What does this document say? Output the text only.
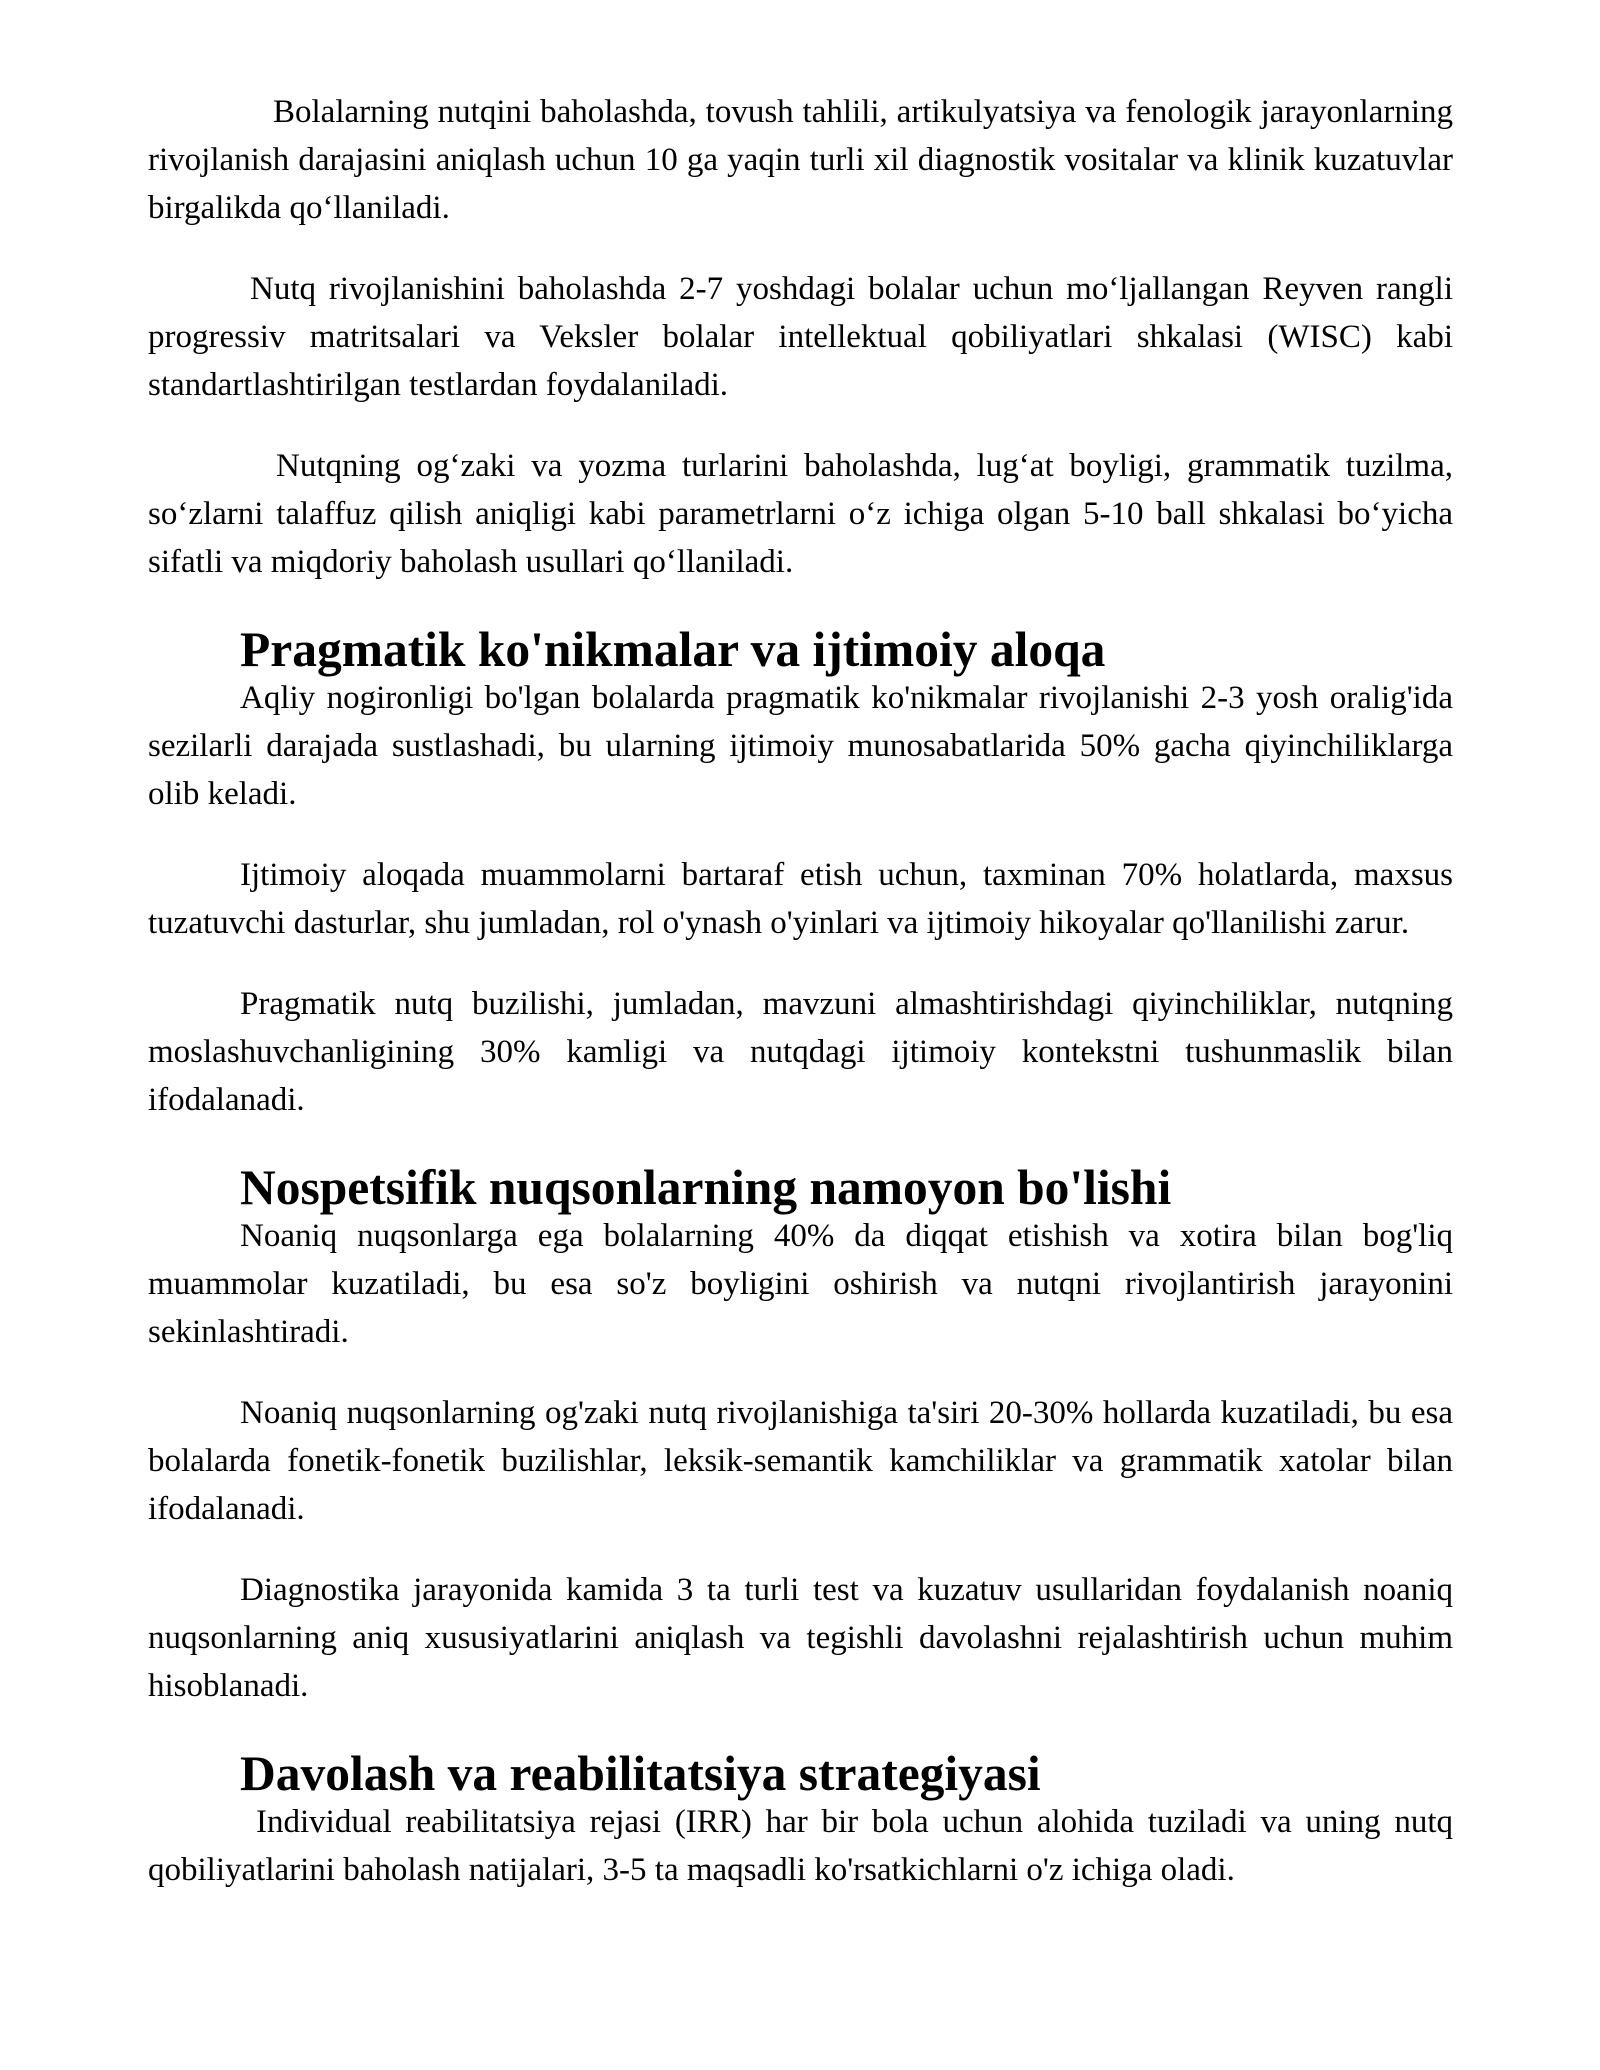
Bolalarning nutqini baholashda, tovush tahlili, artikulyatsiya va fenologik jarayonlarning rivojlanish darajasini aniqlash uchun 10 ga yaqin turli xil diagnostik vositalar va klinik kuzatuvlar birgalikda qo‘llaniladi.

Nutq rivojlanishini baholashda 2-7 yoshdagi bolalar uchun mo‘ljallangan Reyven rangli progressiv matritsalari va Veksler bolalar intellektual qobiliyatlari shkalasi (WISC) kabi standartlashtirilgan testlardan foydalaniladi.

Nutqning og‘zaki va yozma turlarini baholashda, lug‘at boyligi, grammatik tuzilma, so‘zlarni talaffuz qilish aniqligi kabi parametrlarni o‘z ichiga olgan 5-10 ball shkalasi bo‘yicha sifatli va miqdoriy baholash usullari qo‘llaniladi.

Pragmatik ko'nikmalar va ijtimoiy aloqa

Aqliy nogironligi bo'lgan bolalarda pragmatik ko'nikmalar rivojlanishi 2-3 yosh oralig'ida sezilarli darajada sustlashadi, bu ularning ijtimoiy munosabatlarida 50% gacha qiyinchiliklarga olib keladi.

Ijtimoiy aloqada muammolarni bartaraf etish uchun, taxminan 70% holatlarda, maxsus tuzatuvchi dasturlar, shu jumladan, rol o'ynash o'yinlari va ijtimoiy hikoyalar qo'llanilishi zarur.

Pragmatik nutq buzilishi, jumladan, mavzuni almashtirishdagi qiyinchiliklar, nutqning moslashuvchanligining 30% kamligi va nutqdagi ijtimoiy kontekstni tushunmaslik bilan ifodalanadi.

Nospetsifik nuqsonlarning namoyon bo'lishi

Noaniq nuqsonlarga ega bolalarning 40% da diqqat etishish va xotira bilan bog'liq muammolar kuzatiladi, bu esa so'z boyligini oshirish va nutqni rivojlantirish jarayonini sekinlashtiradi.

Noaniq nuqsonlarning og'zaki nutq rivojlanishiga ta'siri 20-30% hollarda kuzatiladi, bu esa bolalarda fonetik-fonetik buzilishlar, leksik-semantik kamchiliklar va grammatik xatolar bilan ifodalanadi.

Diagnostika jarayonida kamida 3 ta turli test va kuzatuv usullaridan foydalanish noaniq nuqsonlarning aniq xususiyatlarini aniqlash va tegishli davolashni rejalashtirish uchun muhim hisoblanadi.

Davolash va reabilitatsiya strategiyasi

Individual reabilitatsiya rejasi (IRR) har bir bola uchun alohida tuziladi va uning nutq qobiliyatlarini baholash natijalari, 3-5 ta maqsadli ko'rsatkichlarni o'z ichiga oladi.
